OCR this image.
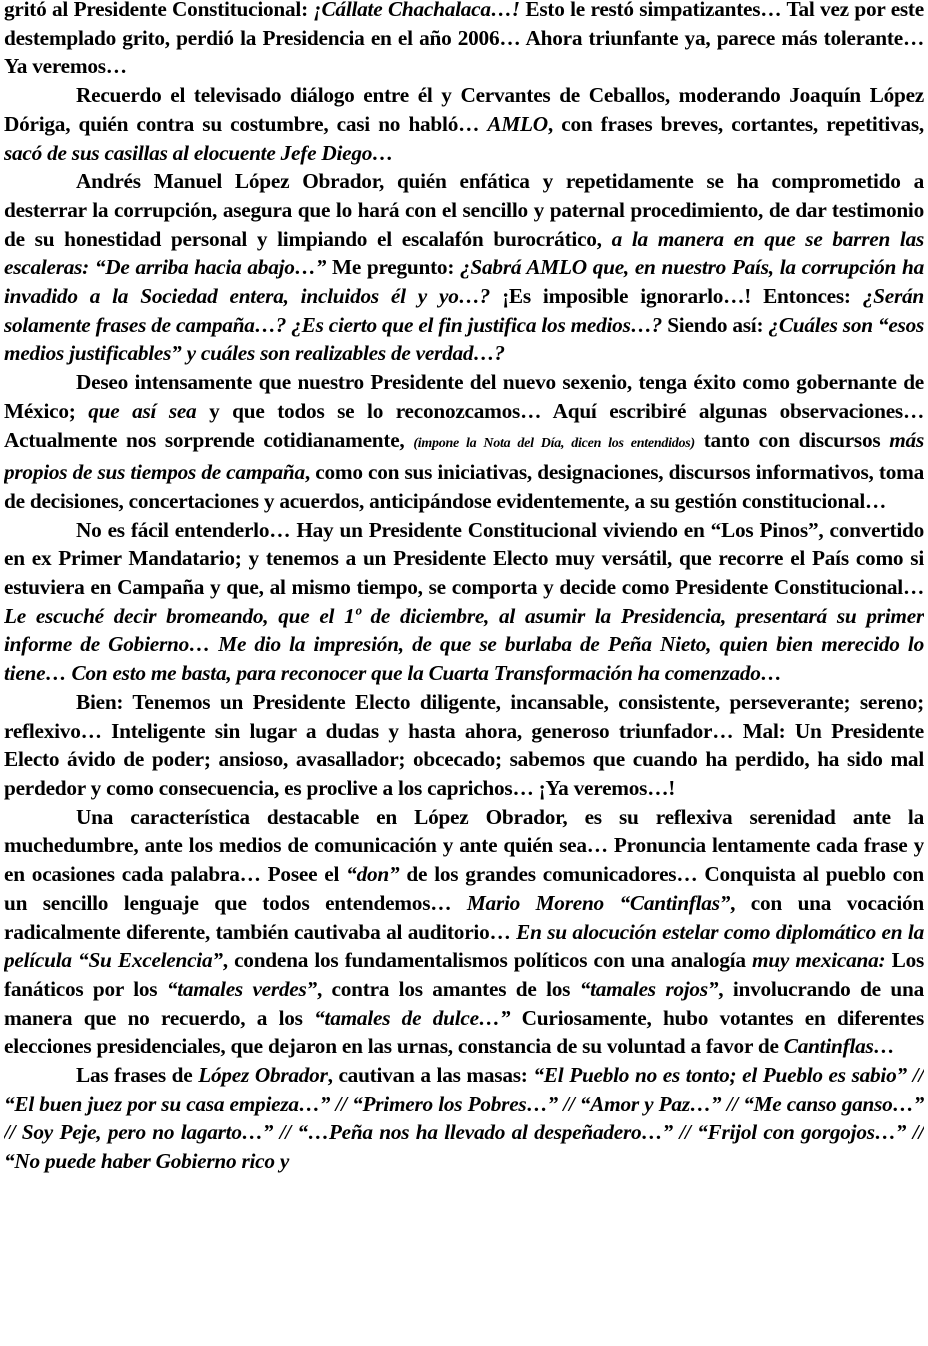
gritó al Presidente Constitucional: ¡Cállate Chachalaca…! Esto le restó simpatizantes… Tal vez por este destemplado grito, perdió la Presidencia en el año 2006… Ahora triunfante ya, parece más tolerante… Ya veremos…

Recuerdo el televisado diálogo entre él y Cervantes de Ceballos, moderando Joaquín López Dóriga, quién contra su costumbre, casi no habló… AMLO, con frases breves, cortantes, repetitivas, sacó de sus casillas al elocuente Jefe Diego…

Andrés Manuel López Obrador, quién enfática y repetidamente se ha comprometido a desterrar la corrupción, asegura que lo hará con el sencillo y paternal procedimiento, de dar testimonio de su honestidad personal y limpiando el escalafón burocrático, a la manera en que se barren las escaleras: “De arriba hacia abajo…” Me pregunto: ¿Sabrá AMLO que, en nuestro País, la corrupción ha invadido a la Sociedad entera, incluidos él y yo…? ¡Es imposible ignorarlo…! Entonces: ¿Serán solamente frases de campaña…? ¿Es cierto que el fin justifica los medios…? Siendo así: ¿Cuáles son “esos medios justificables” y cuáles son realizables de verdad…?

Deseo intensamente que nuestro Presidente del nuevo sexenio, tenga éxito como gobernante de México; que así sea y que todos se lo reconozcamos… Aquí escribiré algunas observaciones… Actualmente nos sorprende cotidianamente, (impone la Nota del Día, dicen los entendidos) tanto con discursos más propios de sus tiempos de campaña, como con sus iniciativas, designaciones, discursos informativos, toma de decisiones, concertaciones y acuerdos, anticipándose evidentemente, a su gestión constitucional…

No es fácil entenderlo… Hay un Presidente Constitucional viviendo en “Los Pinos”, convertido en ex Primer Mandatario; y tenemos a un Presidente Electo muy versátil, que recorre el País como si estuviera en Campaña y que, al mismo tiempo, se comporta y decide como Presidente Constitucional… Le escuché decir bromeando, que el 1º de diciembre, al asumir la Presidencia, presentará su primer informe de Gobierno… Me dio la impresión, de que se burlaba de Peña Nieto, quien bien merecido lo tiene… Con esto me basta, para reconocer que la Cuarta Transformación ha comenzado…

Bien: Tenemos un Presidente Electo diligente, incansable, consistente, perseverante; sereno; reflexivo… Inteligente sin lugar a dudas y hasta ahora, generoso triunfador… Mal: Un Presidente Electo ávido de poder; ansioso, avasallador; obcecado; sabemos que cuando ha perdido, ha sido mal perdedor y como consecuencia, es proclive a los caprichos… ¡Ya veremos…!

Una característica destacable en López Obrador, es su reflexiva serenidad ante la muchedumbre, ante los medios de comunicación y ante quién sea… Pronuncia lentamente cada frase y en ocasiones cada palabra… Posee el “don” de los grandes comunicadores… Conquista al pueblo con un sencillo lenguaje que todos entendemos… Mario Moreno “Cantinflas”, con una vocación radicalmente diferente, también cautivaba al auditorio… En su alocución estelar como diplomático en la película “Su Excelencia”, condena los fundamentalismos políticos con una analogía muy mexicana: Los fanáticos por los “tamales verdes”, contra los amantes de los “tamales rojos”, involucrando de una manera que no recuerdo, a los “tamales de dulce…” Curiosamente, hubo votantes en diferentes elecciones presidenciales, que dejaron en las urnas, constancia de su voluntad a favor de Cantinflas…

Las frases de López Obrador, cautivan a las masas: “El Pueblo no es tonto; el Pueblo es sabio” // “El buen juez por su casa empieza…” // “Primero los Pobres…” // “Amor y Paz…” // “Me canso ganso…” // Soy Peje, pero no lagarto…” // “…Peña nos ha llevado al despeñadero…” // “Frijol con gorgojos…” // “No puede haber Gobierno rico y
